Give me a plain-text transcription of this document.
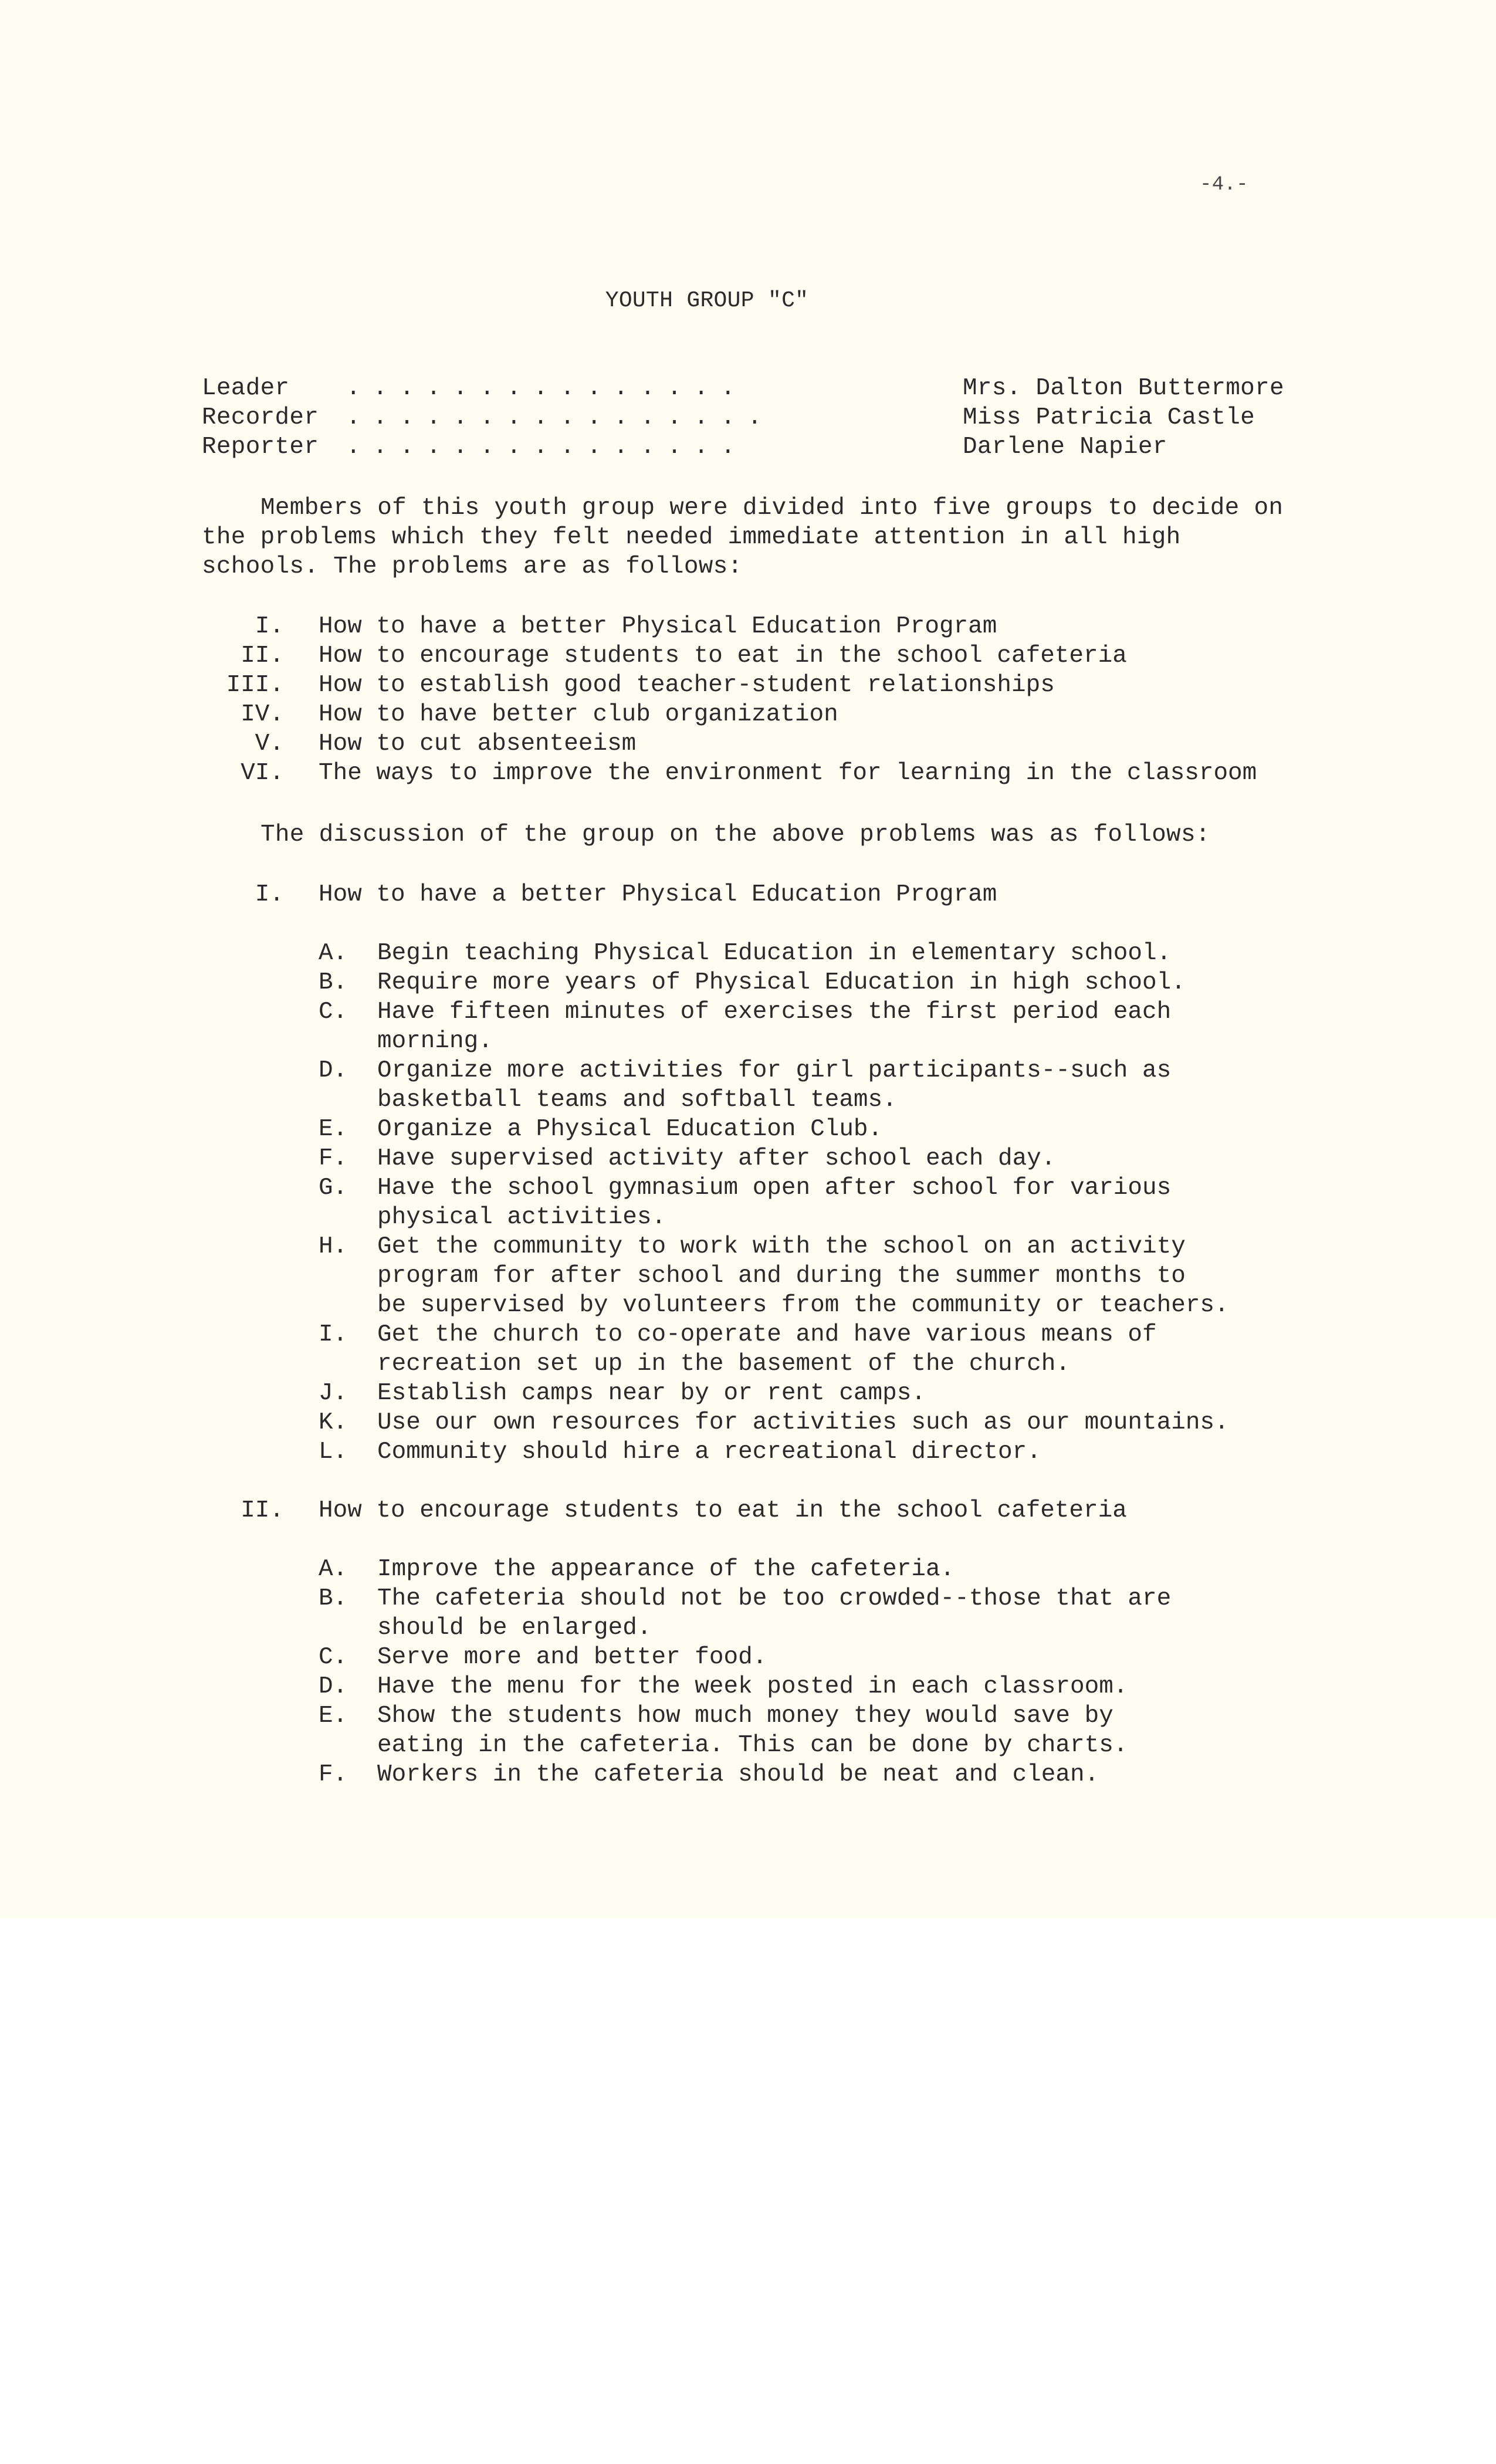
-4.-
YOUTH GROUP "C"
Leader ...............	Mrs. Dalton Buttermore
Recorder ................	Miss Patricia Castle
Reporter ...............	Darlene Napier
Members of this youth group were divided into five groups to decide on the problems which they felt needed immediate attention in all high schools. The problems are as follows:
I. How to have a better Physical Education Program
II. How to encourage students to eat in the school cafeteria
III. How to establish good teacher-student relationships
IV. How to have better club organization
V. How to cut absenteeism
VI. The ways to improve the environment for learning in the classroom
The discussion of the group on the above problems was as follows:
I. How to have a better Physical Education Program
A. Begin teaching Physical Education in elementary school.
B. Require more years of Physical Education in high school.
C. Have fifteen minutes of exercises the first period each
morning.
D. Organize more activities for girl participants--such as
basketball teams and softball teams.
E. Organize a Physical Education Club.
F. Have supervised activity after school each day.
G. Have the school gymnasium open after school for various
physical activities.
H. Get the community to work with the school on an activity
program for after school and during the summer months to
be supervised by volunteers from the community or teachers.
I. Get the church to co-operate and have various means of
recreation set up in the basement of the church.
J. Establish camps near by or rent camps.
K. Use our own resources for activities such as our mountains.
L. Community should hire a recreational director.
II. How to encourage students to eat in the school cafeteria
A. Improve the appearance of the cafeteria.
B. The cafeteria should not be too crowded--those that are
should be enlarged.
C. Serve more and better food.
D. Have the menu for the week posted in each classroom.
E. Show the students how much money they would save by
eating in the cafeteria. This can be done by charts.
F. Workers in the cafeteria should be neat and clean.
